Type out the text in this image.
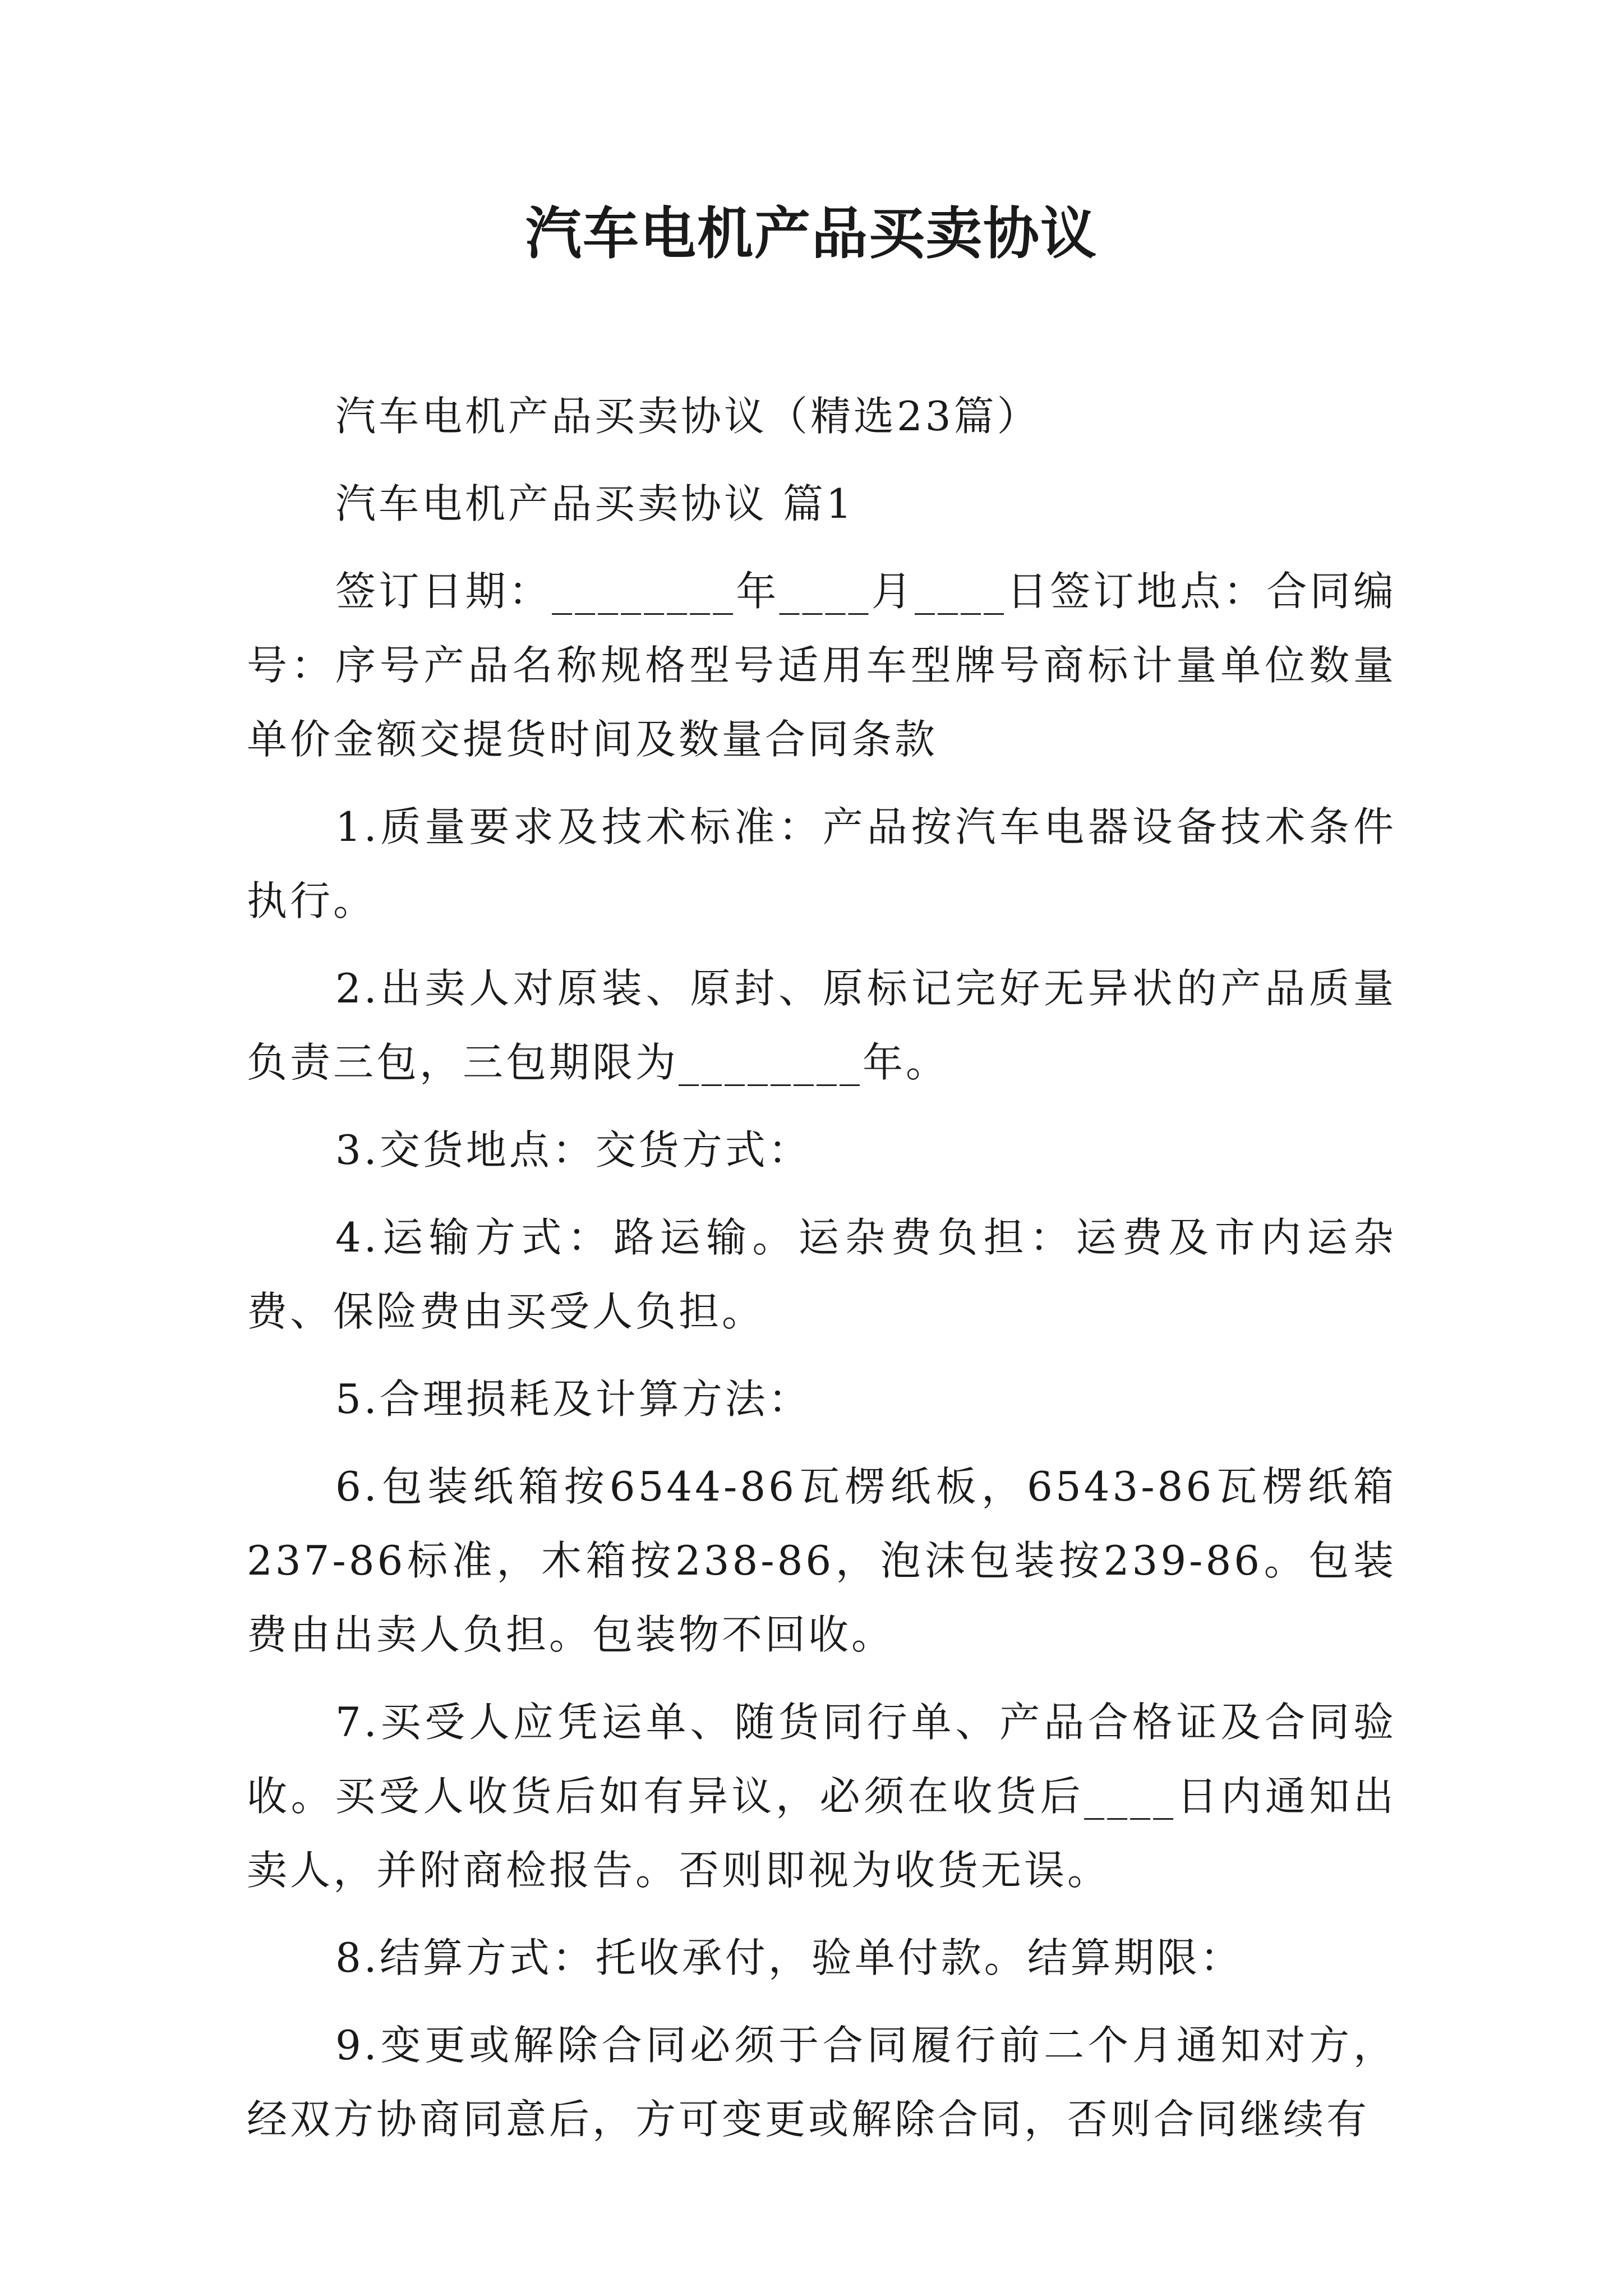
汽车电机产品买卖协议

汽车电机产品买卖协议（精选23篇）

汽车电机产品买卖协议 篇1

签订日期：________年____月____日签订地点：合同编号：序号产品名称规格型号适用车型牌号商标计量单位数量单价金额交提货时间及数量合同条款

1.质量要求及技术标准：产品按汽车电器设备技术条件执行。

2.出卖人对原装、原封、原标记完好无异状的产品质量负责三包，三包期限为________年。

3.交货地点：交货方式：

4.运输方式：路运输。运杂费负担：运费及市内运杂费、保险费由买受人负担。

5.合理损耗及计算方法：

6.包装纸箱按6544-86瓦楞纸板，6543-86瓦楞纸箱237-86标准，木箱按238-86，泡沫包装按239-86。包装费由出卖人负担。包装物不回收。

7.买受人应凭运单、随货同行单、产品合格证及合同验收。买受人收货后如有异议，必须在收货后____日内通知出卖人，并附商检报告。否则即视为收货无误。

8.结算方式：托收承付，验单付款。结算期限：

9.变更或解除合同必须于合同履行前二个月通知对方，经双方协商同意后，方可变更或解除合同，否则合同继续有
